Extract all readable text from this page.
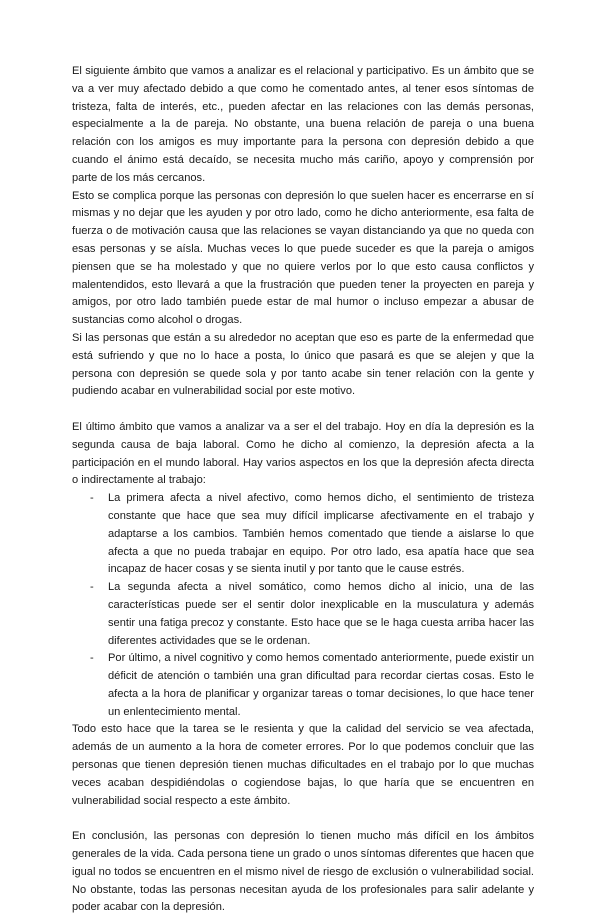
El siguiente ámbito que vamos a analizar es el relacional y participativo. Es un ámbito que se va a ver muy afectado debido a que como he comentado antes, al tener esos síntomas de tristeza, falta de interés, etc., pueden afectar en las relaciones con las demás personas, especialmente a la de pareja. No obstante, una buena relación de pareja o una buena relación con los amigos es muy importante para la persona con depresión debido a que cuando el ánimo está decaído, se necesita mucho más cariño, apoyo y comprensión por parte de los más cercanos.

Esto se complica porque las personas con depresión lo que suelen hacer es encerrarse en sí mismas y no dejar que les ayuden y por otro lado, como he dicho anteriormente, esa falta de fuerza o de motivación causa que las relaciones se vayan distanciando ya que no queda con esas personas y se aísla. Muchas veces lo que puede suceder es que la pareja o amigos piensen que se ha molestado y que no quiere verlos por lo que esto causa conflictos y malentendidos, esto llevará a que la frustración que pueden tener la proyecten en pareja y amigos, por otro lado también puede estar de mal humor o incluso empezar a abusar de sustancias como alcohol o drogas.

Si las personas que están a su alrededor no aceptan que eso es parte de la enfermedad que está sufriendo y que no lo hace a posta, lo único que pasará es que se alejen y que la persona con depresión se quede sola y por tanto acabe sin tener relación con la gente y pudiendo acabar en vulnerabilidad social por este motivo.

El último ámbito que vamos a analizar va a ser el del trabajo. Hoy en día la depresión es la segunda causa de baja laboral. Como he dicho al comienzo, la depresión afecta a la participación en el mundo laboral. Hay varios aspectos en los que la depresión afecta directa o indirectamente al trabajo:

- La primera afecta a nivel afectivo, como hemos dicho, el sentimiento de tristeza constante que hace que sea muy difícil implicarse afectivamente en el trabajo y adaptarse a los cambios. También hemos comentado que tiende a aislarse lo que afecta a que no pueda trabajar en equipo. Por otro lado, esa apatía hace que sea incapaz de hacer cosas y se sienta inutil y por tanto que le cause estrés.
- La segunda afecta a nivel somático, como hemos dicho al inicio, una de las características puede ser el sentir dolor inexplicable en la musculatura y además sentir una fatiga precoz y constante. Esto hace que se le haga cuesta arriba hacer las diferentes actividades que se le ordenan.
- Por último, a nivel cognitivo y como hemos comentado anteriormente, puede existir un déficit de atención o también una gran dificultad para recordar ciertas cosas. Esto le afecta a la hora de planificar y organizar tareas o tomar decisiones, lo que hace tener un enlentecimiento mental.

Todo esto hace que la tarea se le resienta y que la calidad del servicio se vea afectada, además de un aumento a la hora de cometer errores. Por lo que podemos concluir que las personas que tienen depresión tienen muchas dificultades en el trabajo por lo que muchas veces acaban despidiéndolas o cogiendose bajas, lo que haría que se encuentren en vulnerabilidad social respecto a este ámbito.

En conclusión, las personas con depresión lo tienen mucho más difícil en los ámbitos generales de la vida. Cada persona tiene un grado o unos síntomas diferentes que hacen que igual no todos se encuentren en el mismo nivel de riesgo de exclusión o vulnerabilidad social. No obstante, todas las personas necesitan ayuda de los profesionales para salir adelante y poder acabar con la depresión.
